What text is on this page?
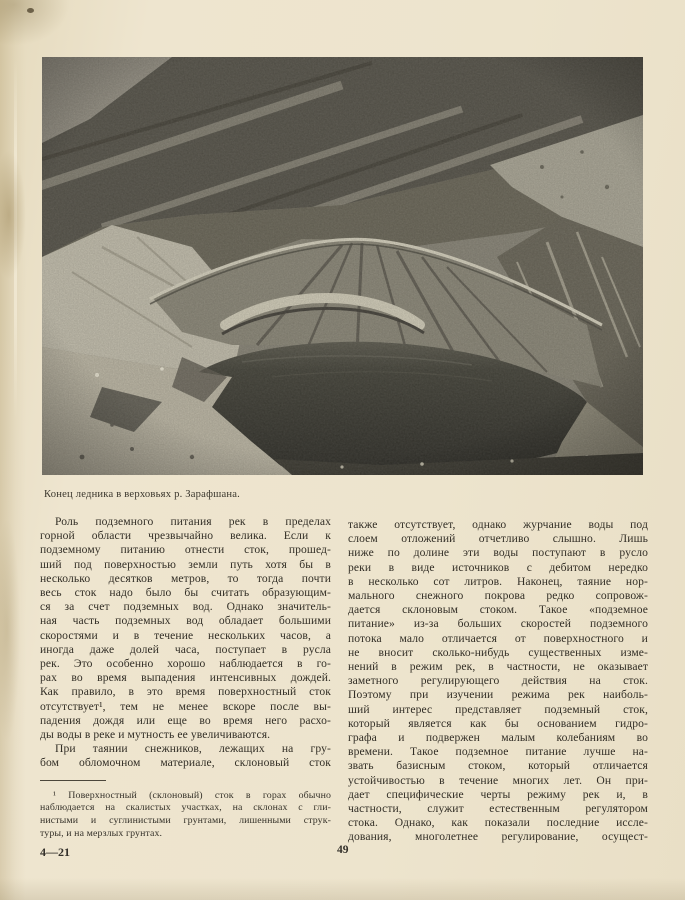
Конец ледника в верховьях р. Зарафшана.
Роль подземного питания рек в пределах
горной области чрезвычайно велика. Если к
подземному питанию отнести сток, прошед-
ший под поверхностью земли путь хотя бы в
несколько десятков метров, то тогда почти
весь сток надо было бы считать образующим-
ся за счет подземных вод. Однако значитель-
ная часть подземных вод обладает большими
скоростями и в течение нескольких часов, а
иногда даже долей часа, поступает в русла
рек. Это особенно хорошо наблюдается в го-
рах во время выпадения интенсивных дождей.
Как правило, в это время поверхностный сток
отсутствует¹, тем не менее вскоре после вы-
падения дождя или еще во время него расхо-
ды воды в реке и мутность ее увеличиваются.
При таянии снежников, лежащих на гру-
бом обломочном материале, склоновый сток
¹ Поверхностный (склоновый) сток в горах обычно
наблюдается на скалистых участках, на склонах с гли-
нистыми и суглинистыми грунтами, лишенными струк-
туры, и на мерзлых грунтах.
также отсутствует, однако журчание воды под
слоем отложений отчетливо слышно. Лишь
ниже по долине эти воды поступают в русло
реки в виде источников с дебитом нередко
в несколько сот литров. Наконец, таяние нор-
мального снежного покрова редко сопровож-
дается склоновым стоком. Такое «подземное
питание» из-за больших скоростей подземного
потока мало отличается от поверхностного и
не вносит сколько-нибудь существенных изме-
нений в режим рек, в частности, не оказывает
заметного регулирующего действия на сток.
Поэтому при изучении режима рек наиболь-
ший интерес представляет подземный сток,
который является как бы основанием гидро-
графа и подвержен малым колебаниям во
времени. Такое подземное питание лучше на-
звать базисным стоком, который отличается
устойчивостью в течение многих лет. Он при-
дает специфические черты режиму рек и, в
частности, служит естественным регулятором
стока. Однако, как показали последние иссле-
дования, многолетнее регулирование, осущест-
4—21	49
